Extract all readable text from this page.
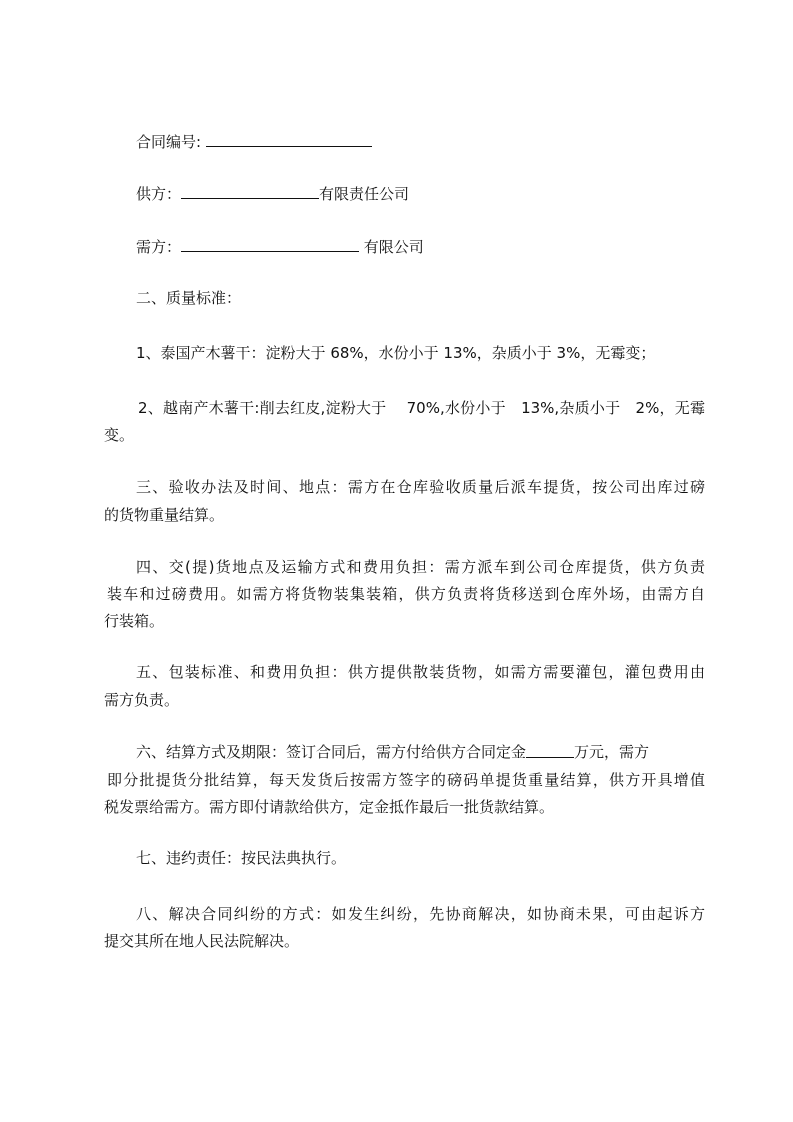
合同编号:
供方：	有限责任公司
需方：	有限公司
二、质量标准：
1、泰国产木薯干：淀粉大于 68%，水份小于 13%，杂质小于 3%，无霉变；
2、越南产木薯干:削去红皮,淀粉大于　 70%,水份小于　13%,杂质小于　2%，无霉
变。
三、验收办法及时间、地点：需方在仓库验收质量后派车提货，按公司出库过磅
的货物重量结算。
四、交(提)货地点及运输方式和费用负担：需方派车到公司仓库提货，供方负责
装车和过磅费用。如需方将货物装集装箱，供方负责将货移送到仓库外场，由需方自
行装箱。
五、包装标准、和费用负担：供方提供散装货物，如需方需要灌包，灌包费用由
需方负责。
六、结算方式及期限：签订合同后，需方付给供方合同定金	万元，需方
即分批提货分批结算，每天发货后按需方签字的磅码单提货重量结算，供方开具增值
税发票给需方。需方即付请款给供方，定金抵作最后一批货款结算。
七、违约责任：按民法典执行。
八、解决合同纠纷的方式：如发生纠纷，先协商解决，如协商未果，可由起诉方
提交其所在地人民法院解决。
